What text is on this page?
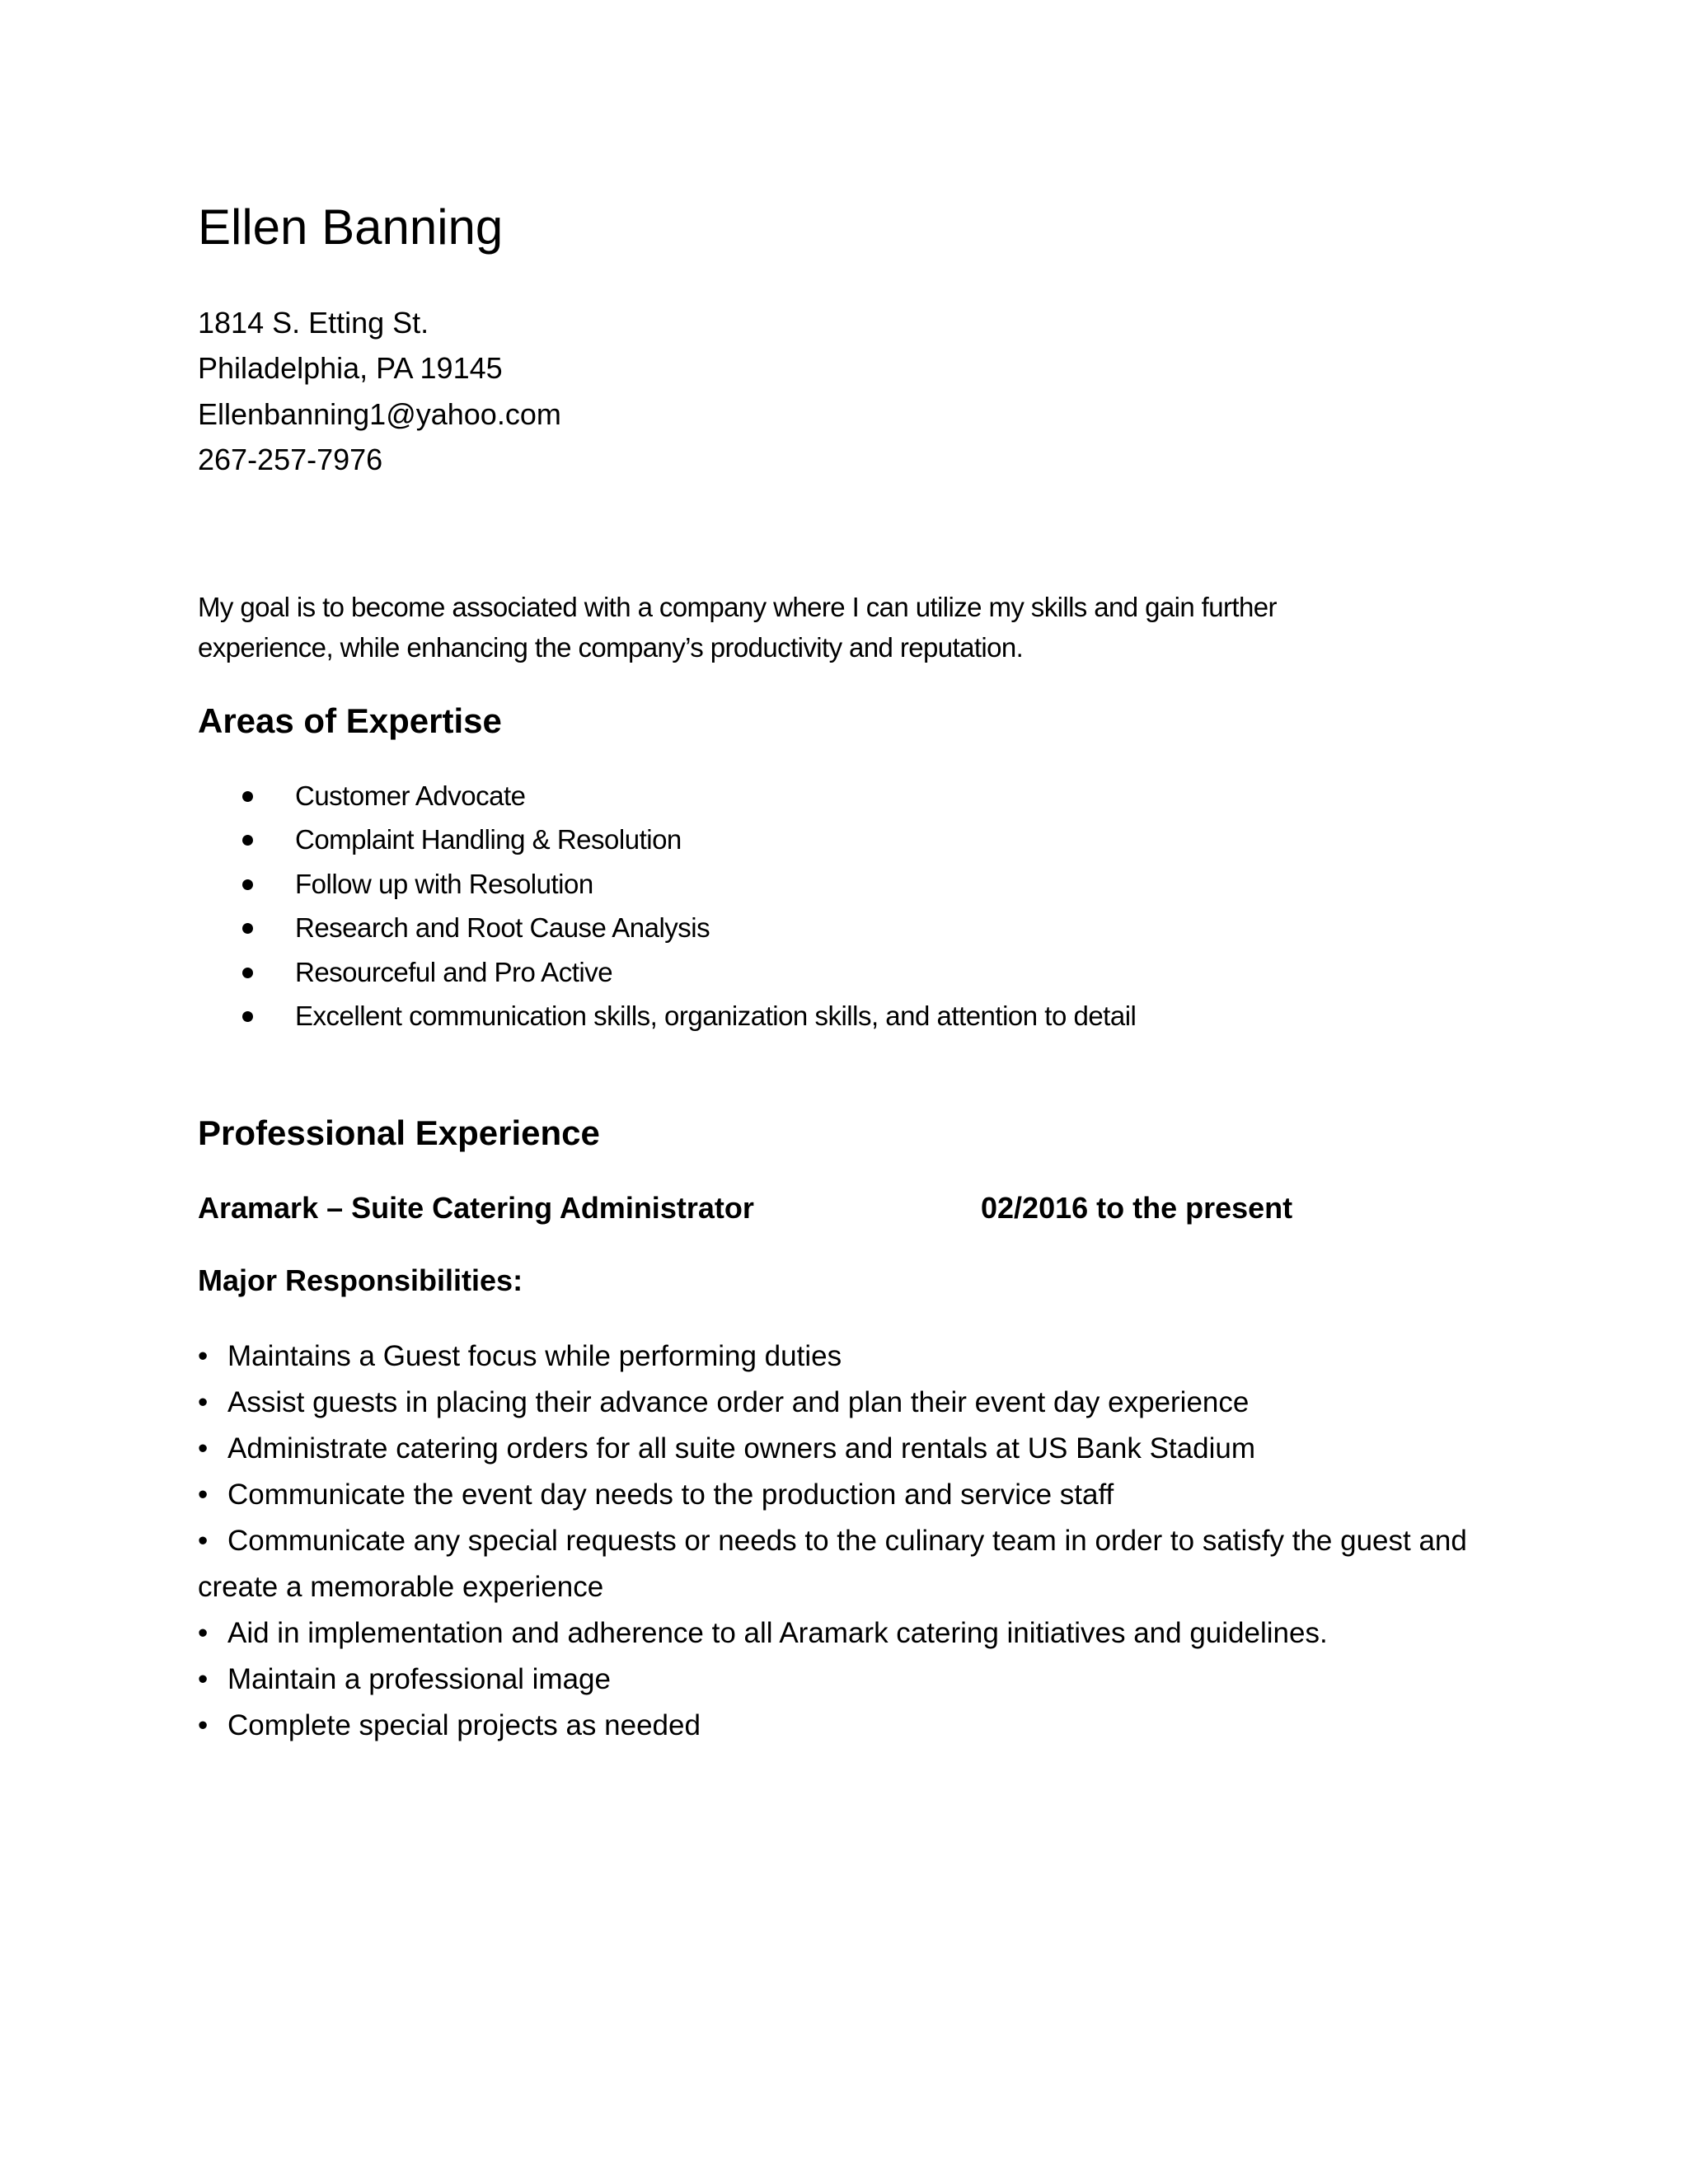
Ellen Banning
1814 S. Etting St.
Philadelphia, PA 19145
Ellenbanning1@yahoo.com
267-257-7976

My goal is to become associated with a company where I can utilize my skills and gain further experience, while enhancing the company’s productivity and reputation.

Areas of Expertise
Customer Advocate
Complaint Handling & Resolution
Follow up with Resolution
Research and Root Cause Analysis
Resourceful and Pro Active
Excellent communication skills, organization skills, and attention to detail
Professional Experience
Aramark – Suite Catering Administrator	02/2016 to the present
Major Responsibilities:
• Maintains a Guest focus while performing duties
• Assist guests in placing their advance order and plan their event day experience
• Administrate catering orders for all suite owners and rentals at US Bank Stadium
• Communicate the event day needs to the production and service staff
• Communicate any special requests or needs to the culinary team in order to satisfy the guest and create a memorable experience
• Aid in implementation and adherence to all Aramark catering initiatives and guidelines.
• Maintain a professional image
• Complete special projects as needed
